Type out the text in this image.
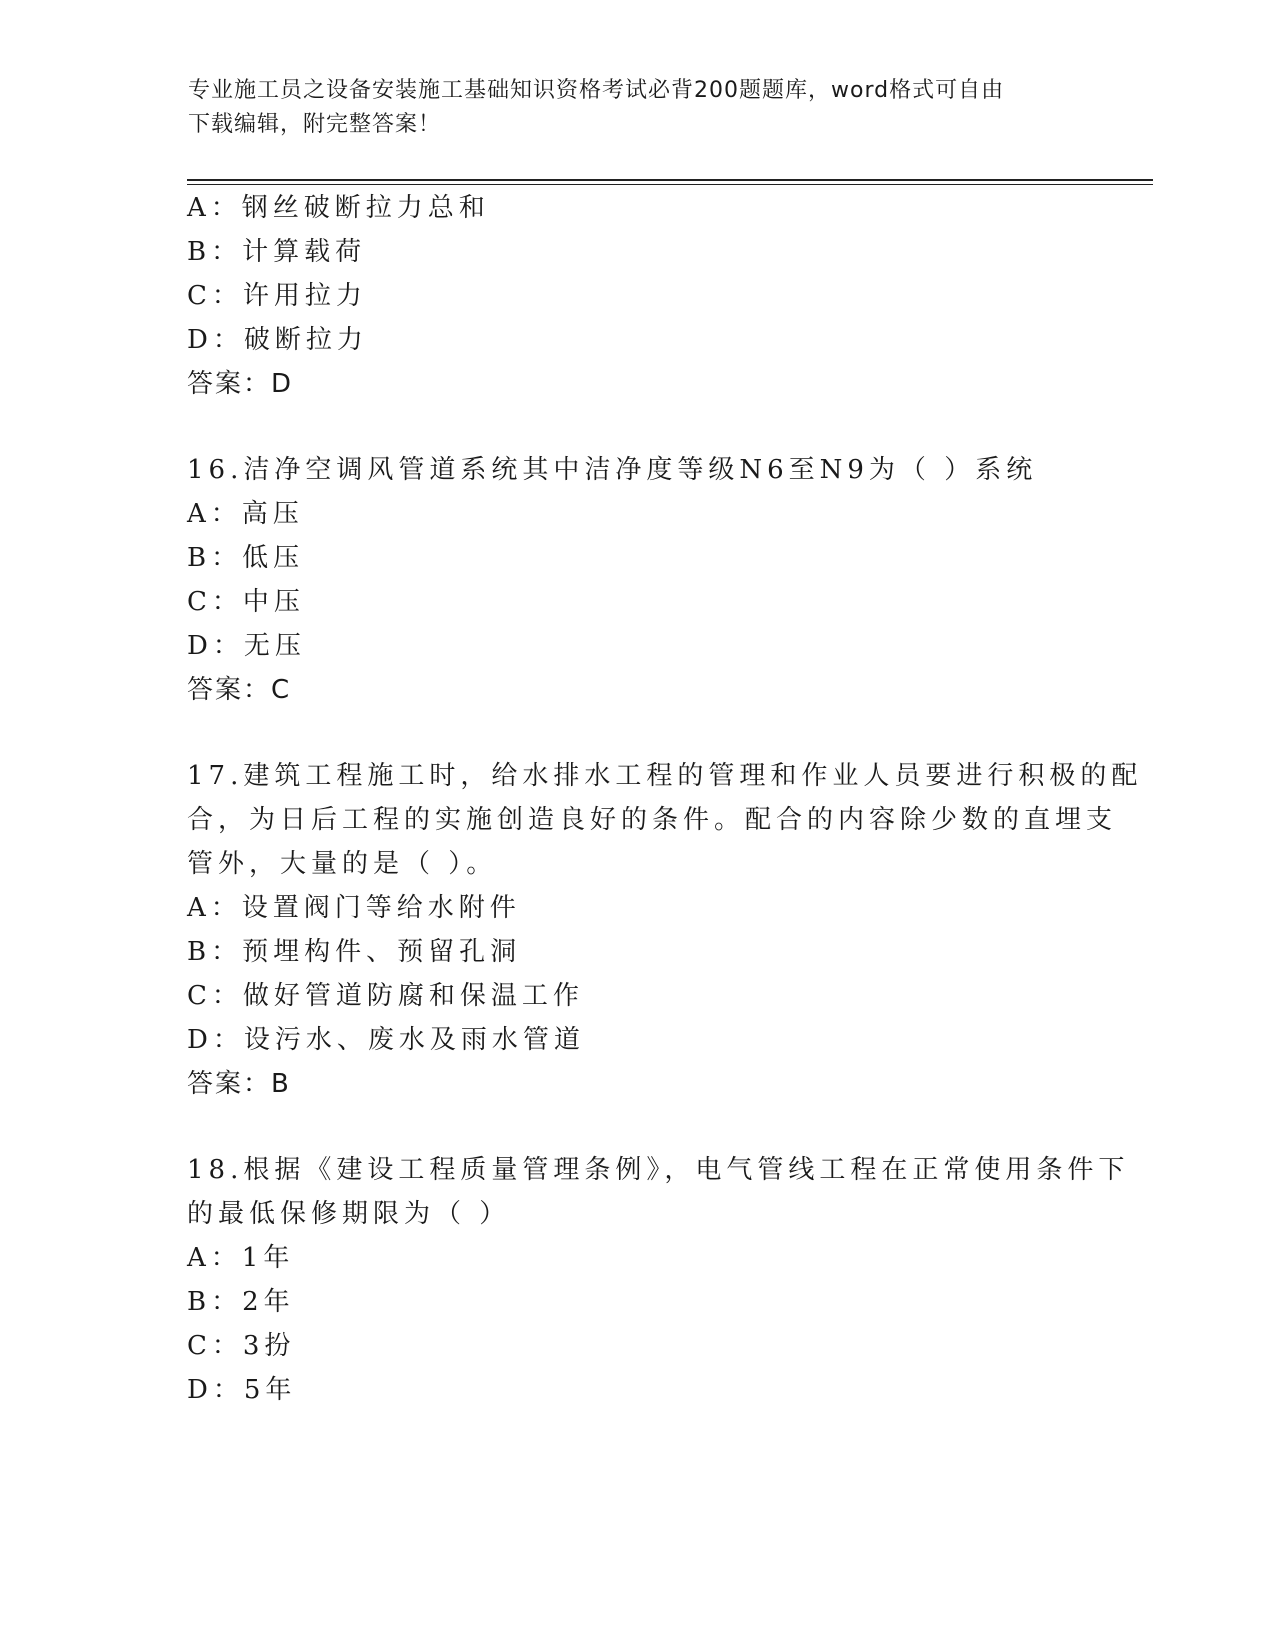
专业施工员之设备安装施工基础知识资格考试必背200题题库，word格式可自由
下载编辑，附完整答案！
A：钢丝破断拉力总和
B：计算载荷
C：许用拉力
D：破断拉力
答案：D
16.洁净空调风管道系统其中洁净度等级N6至N9为（ ）系统
A：高压
B：低压
C：中压
D：无压
答案：C
17.建筑工程施工时，给水排水工程的管理和作业人员要进行积极的配
合，为日后工程的实施创造良好的条件。配合的内容除少数的直埋支
管外，大量的是（ ）。
A：设置阀门等给水附件
B：预埋构件、预留孔洞
C：做好管道防腐和保温工作
D：设污水、废水及雨水管道
答案：B
18.根据《建设工程质量管理条例》，电气管线工程在正常使用条件下
的最低保修期限为（ ）
A：1年
B：2年
C：3扮
D：5年
